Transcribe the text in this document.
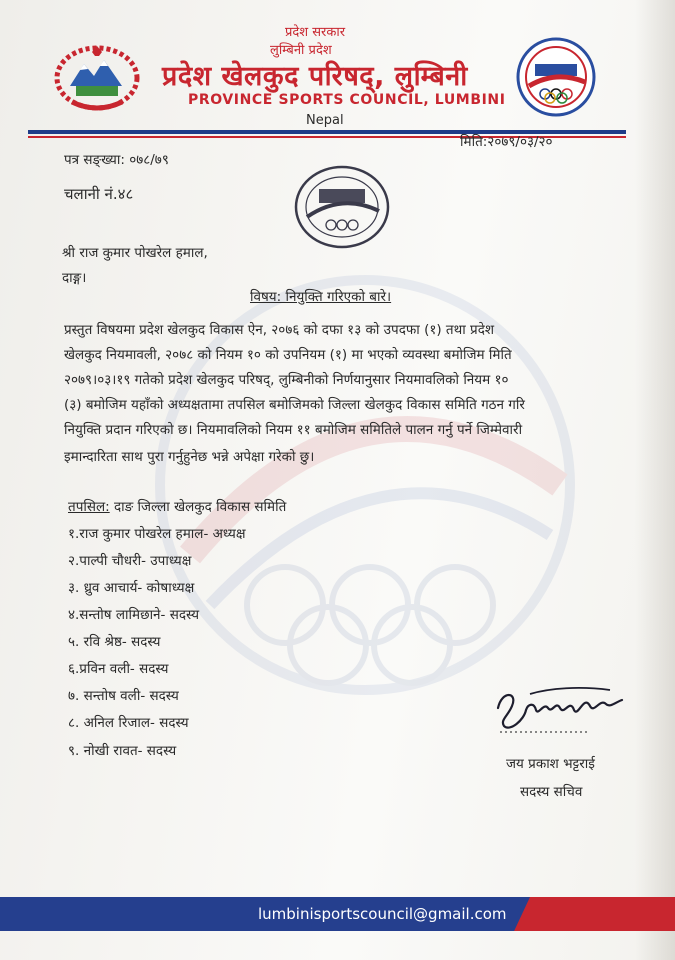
प्रदेश सरकार
लुम्बिनी प्रदेश
प्रदेश खेलकुद परिषद्, लुम्बिनी
PROVINCE SPORTS COUNCIL, LUMBINI
Nepal
पत्र सङ्ख्या: ०७८/७९
मिति:२०७९/०३/२०
चलानी नं.४८
श्री राज कुमार पोखरेल हमाल,
दाङ्ग।
विषय: नियुक्ति गरिएको बारे।
प्रस्तुत विषयमा प्रदेश खेलकुद विकास ऐन, २०७६ को दफा १३ को उपदफा (१) तथा प्रदेश
खेलकुद नियमावली, २०७८ को नियम १० को उपनियम (१) मा भएको व्यवस्था बमोजिम मिति
२०७९।०३।१९ गतेको प्रदेश खेलकुद परिषद्, लुम्बिनीको निर्णयानुसार नियमावलिको नियम १०
(३) बमोजिम यहाँको अध्यक्षतामा तपसिल बमोजिमको जिल्ला खेलकुद विकास समिति गठन गरि
नियुक्ति प्रदान गरिएको छ। नियमावलिको नियम ११ बमोजिम समितिले पालन गर्नु पर्ने जिम्मेवारी
इमान्दारिता साथ पुरा गर्नुहुनेछ भन्ने अपेक्षा गरेको छु।
तपसिल: दाङ जिल्ला खेलकुद विकास समिति
१.राज कुमार पोखरेल हमाल- अध्यक्ष
२.पाल्पी चौधरी- उपाध्यक्ष
३. ध्रुव आचार्य- कोषाध्यक्ष
४.सन्तोष लामिछाने- सदस्य
५. रवि श्रेष्ठ- सदस्य
६.प्रविन वली- सदस्य
७. सन्तोष वली- सदस्य
८. अनिल रिजाल- सदस्य
९. नोखी रावत- सदस्य
जय प्रकाश भट्टराई
सदस्य सचिव
lumbinisportscouncil@gmail.com
